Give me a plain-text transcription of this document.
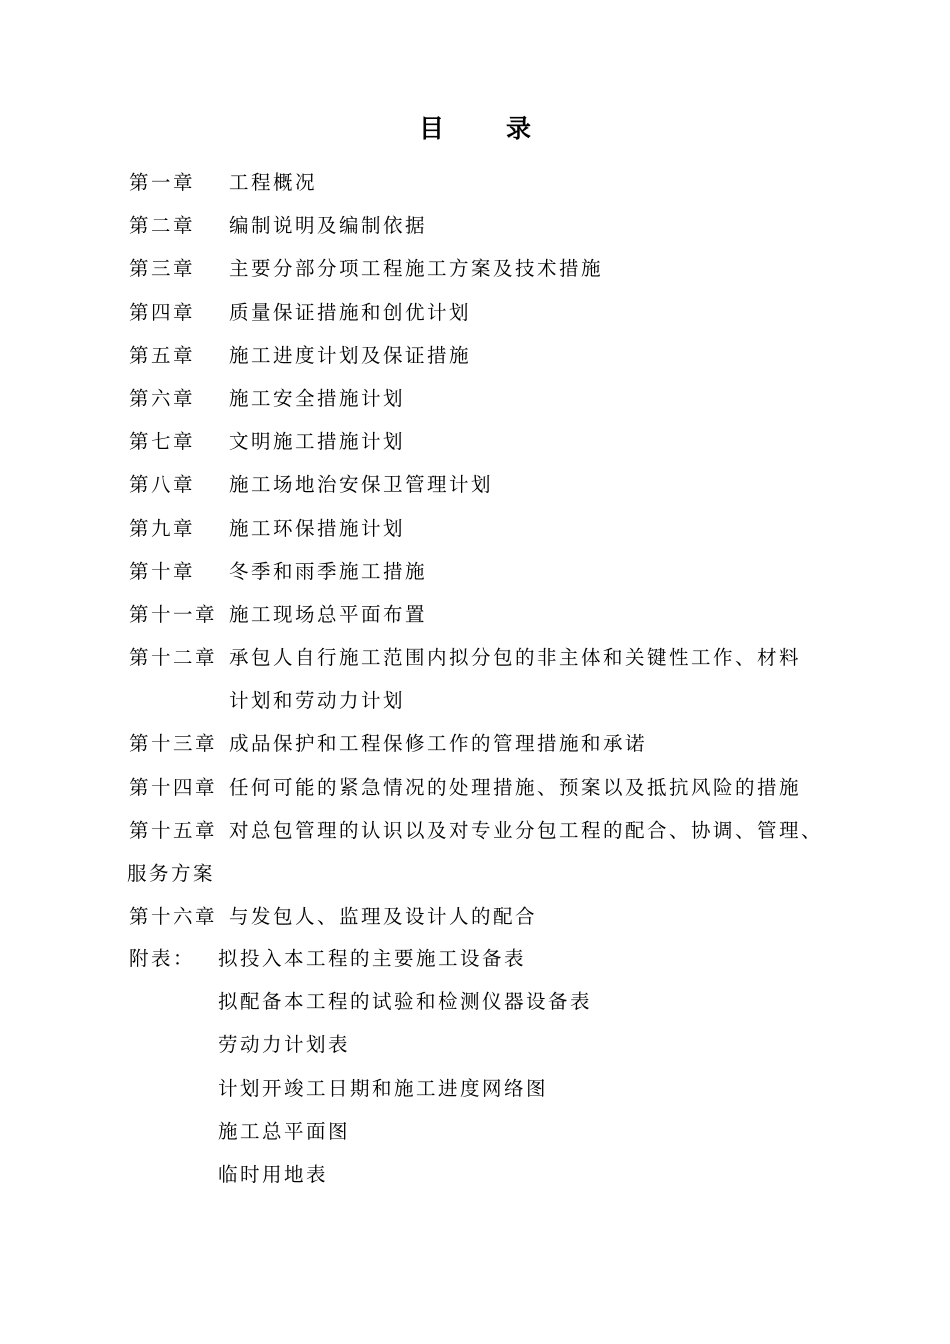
目 录
第一章 工程概况
第二章 编制说明及编制依据
第三章 主要分部分项工程施工方案及技术措施
第四章 质量保证措施和创优计划
第五章 施工进度计划及保证措施
第六章 施工安全措施计划
第七章 文明施工措施计划
第八章 施工场地治安保卫管理计划
第九章 施工环保措施计划
第十章 冬季和雨季施工措施
第十一章 施工现场总平面布置
第十二章 承包人自行施工范围内拟分包的非主体和关键性工作、材料
计划和劳动力计划
第十三章 成品保护和工程保修工作的管理措施和承诺
第十四章 任何可能的紧急情况的处理措施、预案以及抵抗风险的措施
第十五章 对总包管理的认识以及对专业分包工程的配合、协调、管理、
服务方案
第十六章 与发包人、监理及设计人的配合
附表： 拟投入本工程的主要施工设备表
拟配备本工程的试验和检测仪器设备表
劳动力计划表
计划开竣工日期和施工进度网络图
施工总平面图
临时用地表
